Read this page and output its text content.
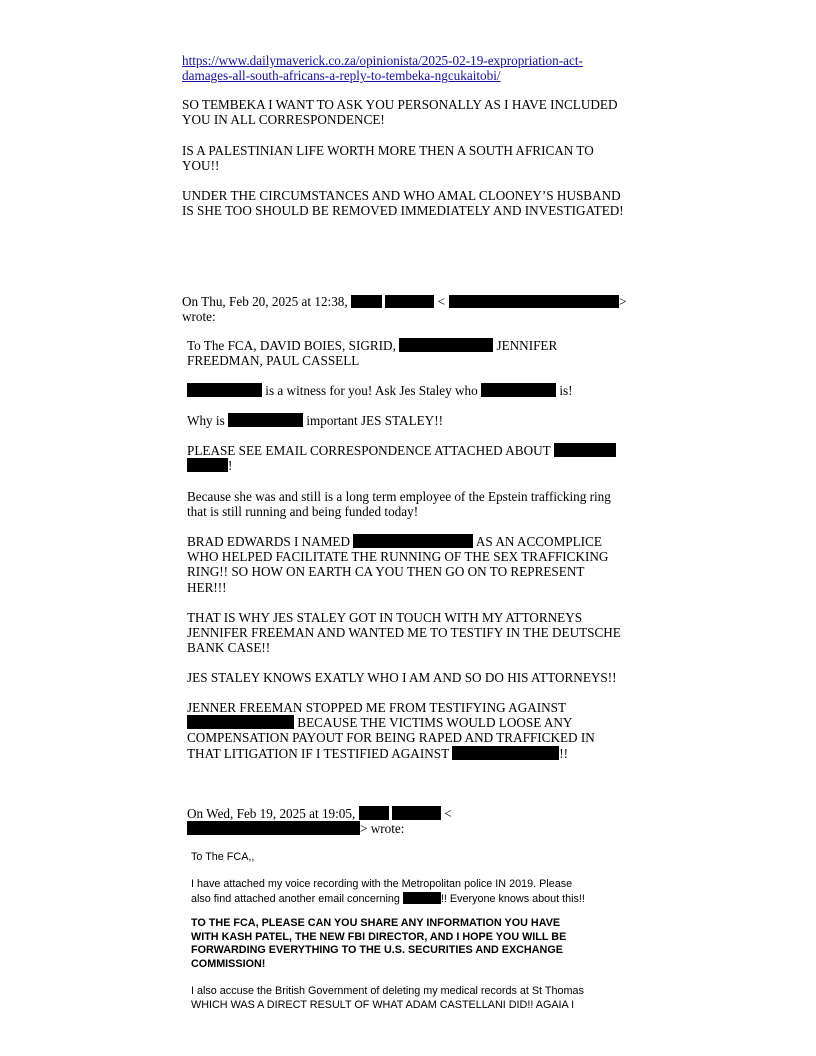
https://www.dailymaverick.co.za/opinionista/2025-02-19-expropriation-act-
damages-all-south-africans-a-reply-to-tembeka-ngcukaitobi/
SO TEMBEKA I WANT TO ASK YOU PERSONALLY AS I HAVE INCLUDED
YOU IN ALL CORRESPONDENCE!
IS A PALESTINIAN LIFE WORTH MORE THEN A SOUTH AFRICAN TO
YOU!!
UNDER THE CIRCUMSTANCES AND WHO AMAL CLOONEY’S HUSBAND
IS SHE TOO SHOULD BE REMOVED IMMEDIATELY AND INVESTIGATED!
On Thu, Feb 20, 2025 at 12:38,	<	>
wrote:
To The FCA, DAVID BOIES, SIGRID,	JENNIFER
FREEDMAN, PAUL CASSELL
is a witness for you! Ask Jes Staley who	is!
Why is	important JES STALEY!!
PLEASE SEE EMAIL CORRESPONDENCE ATTACHED ABOUT
!
Because she was and still is a long term employee of the Epstein trafficking ring
that is still running and being funded today!
BRAD EDWARDS I NAMED	AS AN ACCOMPLICE
WHO HELPED FACILITATE THE RUNNING OF THE SEX TRAFFICKING
RING!! SO HOW ON EARTH CA YOU THEN GO ON TO REPRESENT
HER!!!
THAT IS WHY JES STALEY GOT IN TOUCH WITH MY ATTORNEYS
JENNIFER FREEMAN AND WANTED ME TO TESTIFY IN THE DEUTSCHE
BANK CASE!!
JES STALEY KNOWS EXATLY WHO I AM AND SO DO HIS ATTORNEYS!!
JENNER FREEMAN STOPPED ME FROM TESTIFYING AGAINST
BECAUSE THE VICTIMS WOULD LOOSE ANY
COMPENSATION PAYOUT FOR BEING RAPED AND TRAFFICKED IN
THAT LITIGATION IF I TESTIFIED AGAINST	!!
On Wed, Feb 19, 2025 at 19:05,	<
> wrote:
To The FCA,,
I have attached my voice recording with the Metropolitan police IN 2019. Please
also find attached another email concerning	!! Everyone knows about this!!
TO THE FCA, PLEASE CAN YOU SHARE ANY INFORMATION YOU HAVE
WITH KASH PATEL, THE NEW FBI DIRECTOR, AND I HOPE YOU WILL BE
FORWARDING EVERYTHING TO THE U.S. SECURITIES AND EXCHANGE
COMMISSION!
I also accuse the British Government of deleting my medical records at St Thomas
WHICH WAS A DIRECT RESULT OF WHAT ADAM CASTELLANI DID!! AGAIA I
